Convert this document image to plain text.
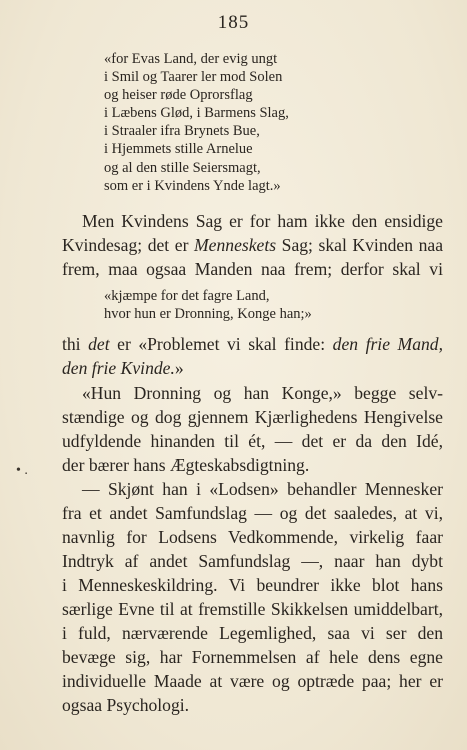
185
«for Evas Land, der evig ungt
i Smil og Taarer ler mod Solen
og heiser røde Oprorsflag
i Læbens Glød, i Barmens Slag,
i Straaler ifra Brynets Bue,
i Hjemmets stille Arnelue
og al den stille Seiersmagt,
som er i Kvindens Ynde lagt.»
Men Kvindens Sag er for ham ikke den ensidige
Kvindesag; det er Menneskets Sag; skal Kvinden naa
frem, maa ogsaa Manden naa frem; derfor skal vi
«kjæmpe for det fagre Land,
hvor hun er Dronning, Konge han;»
thi det er «Problemet vi skal finde: den frie Mand,
den frie Kvinde.»
«Hun Dronning og han Konge,» begge selv-
stændige og dog gjennem Kjærlighedens Hengivelse
udfyldende hinanden til ét, — det er da den Idé,
der bærer hans Ægteskabsdigtning.
• .
— Skjønt han i «Lodsen» behandler Mennesker
fra et andet Samfundslag — og det saaledes, at vi,
navnlig for Lodsens Vedkommende, virkelig faar
Indtryk af andet Samfundslag —, naar han dybt
i Menneskeskildring. Vi beundrer ikke blot hans
særlige Evne til at fremstille Skikkelsen umiddelbart,
i fuld, nærværende Legemlighed, saa vi ser den
bevæge sig, har Fornemmelsen af hele dens egne
individuelle Maade at være og optræde paa; her er
ogsaa Psychologi.
